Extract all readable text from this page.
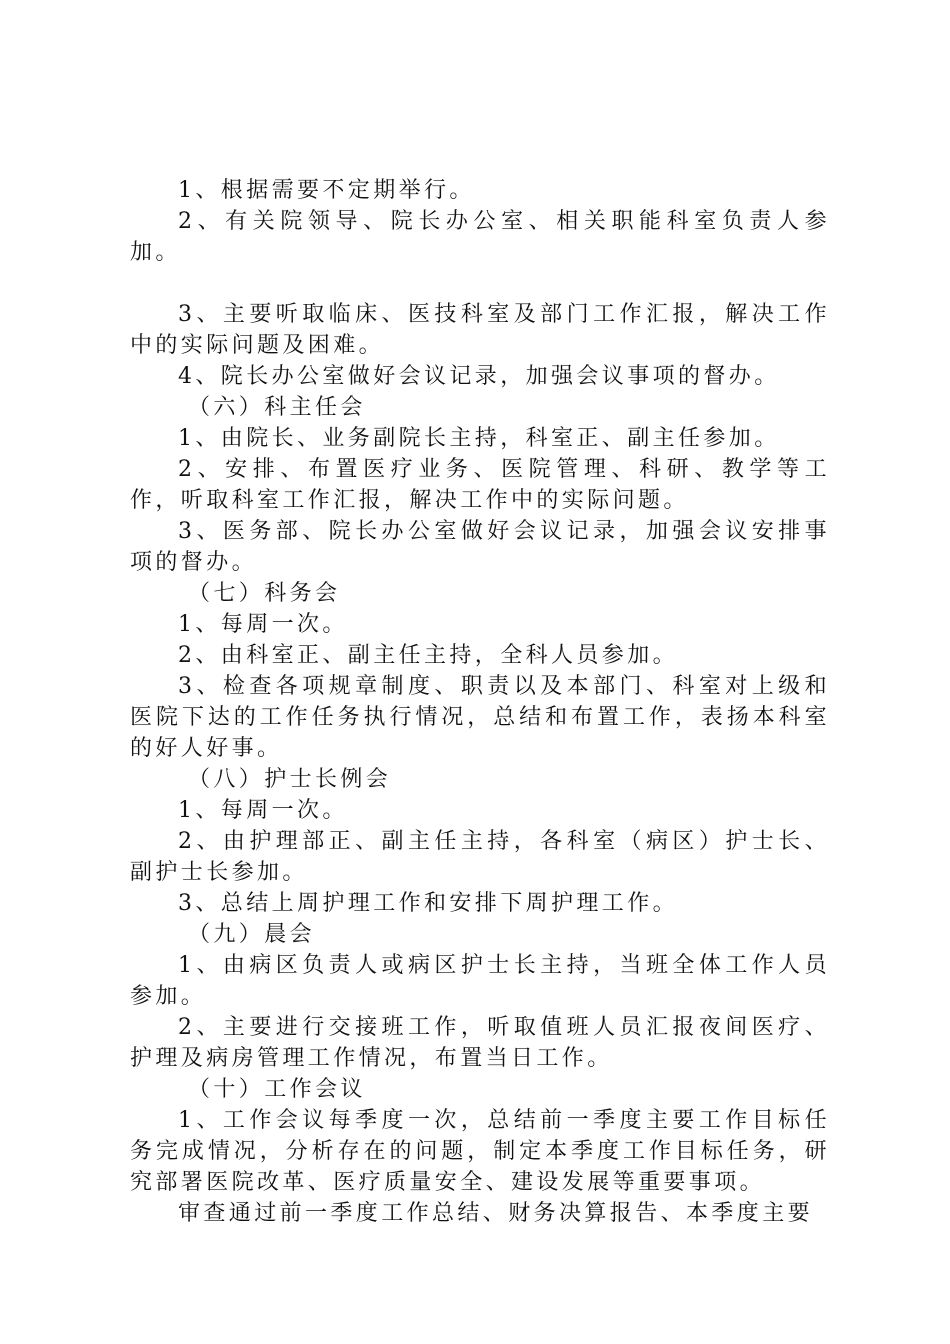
1、根据需要不定期举行。

2、有关院领导、院长办公室、相关职能科室负责人参加。

3、主要听取临床、医技科室及部门工作汇报，解决工作中的实际问题及困难。

4、院长办公室做好会议记录，加强会议事项的督办。

（六）科主任会

1、由院长、业务副院长主持，科室正、副主任参加。

2、安排、布置医疗业务、医院管理、科研、教学等工作，听取科室工作汇报，解决工作中的实际问题。

3、医务部、院长办公室做好会议记录，加强会议安排事项的督办。

（七）科务会

1、每周一次。

2、由科室正、副主任主持，全科人员参加。

3、检查各项规章制度、职责以及本部门、科室对上级和医院下达的工作任务执行情况，总结和布置工作，表扬本科室的好人好事。

（八）护士长例会

1、每周一次。

2、由护理部正、副主任主持，各科室（病区）护士长、副护士长参加。

3、总结上周护理工作和安排下周护理工作。

（九）晨会

1、由病区负责人或病区护士长主持，当班全体工作人员参加。

2、主要进行交接班工作，听取值班人员汇报夜间医疗、护理及病房管理工作情况，布置当日工作。

（十）工作会议

1、工作会议每季度一次，总结前一季度主要工作目标任务完成情况，分析存在的问题，制定本季度工作目标任务，研究部署医院改革、医疗质量安全、建设发展等重要事项。

审查通过前一季度工作总结、财务决算报告、本季度主要
